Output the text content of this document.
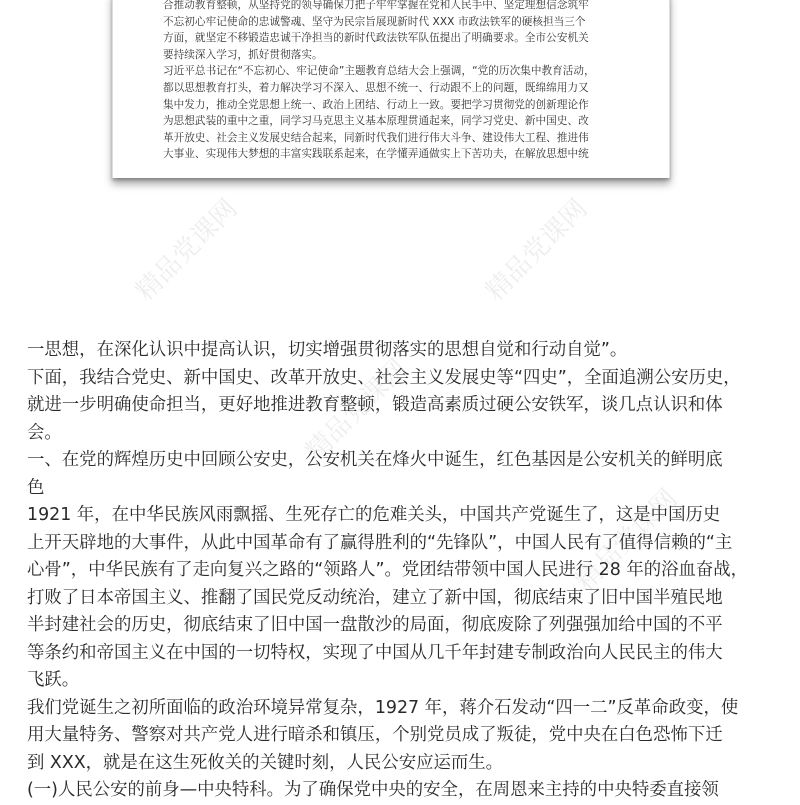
合推动教育整顿，从坚持党的领导确保刀把子牢牢掌握在党和人民手中、坚定理想信念筑牢
不忘初心牢记使命的忠诚警魂、坚守为民宗旨展现新时代 XXX 市政法铁军的硬核担当三个
方面，就坚定不移锻造忠诚干净担当的新时代政法铁军队伍提出了明确要求。全市公安机关
要持续深入学习，抓好贯彻落实。
习近平总书记在“不忘初心、牢记使命”主题教育总结大会上强调，“党的历次集中教育活动，
都以思想教育打头，着力解决学习不深入、思想不统一、行动跟不上的问题，既绵绵用力又
集中发力，推动全党思想上统一、政治上团结、行动上一致。要把学习贯彻党的创新理论作
为思想武装的重中之重，同学习马克思主义基本原理贯通起来，同学习党史、新中国史、改
革开放史、社会主义发展史结合起来，同新时代我们进行伟大斗争、建设伟大工程、推进伟
大事业、实现伟大梦想的丰富实践联系起来，在学懂弄通做实上下苦功夫，在解放思想中统
精品党课网	精品党课网
精品党课网
精品党课网
一思想，在深化认识中提高认识，切实增强贯彻落实的思想自觉和行动自觉”。
下面，我结合党史、新中国史、改革开放史、社会主义发展史等“四史”，全面追溯公安历史，
就进一步明确使命担当，更好地推进教育整顿，锻造高素质过硬公安铁军，谈几点认识和体
会。
一、在党的辉煌历史中回顾公安史，公安机关在烽火中诞生，红色基因是公安机关的鲜明底
色
1921 年，在中华民族风雨飘摇、生死存亡的危难关头，中国共产党诞生了，这是中国历史
上开天辟地的大事件，从此中国革命有了赢得胜利的“先锋队”，中国人民有了值得信赖的“主
心骨”，中华民族有了走向复兴之路的“领路人”。党团结带领中国人民进行 28 年的浴血奋战，
打败了日本帝国主义、推翻了国民党反动统治，建立了新中国，彻底结束了旧中国半殖民地
半封建社会的历史，彻底结束了旧中国一盘散沙的局面，彻底废除了列强强加给中国的不平
等条约和帝国主义在中国的一切特权，实现了中国从几千年封建专制政治向人民民主的伟大
飞跃。
我们党诞生之初所面临的政治环境异常复杂，1927 年，蒋介石发动“四一二”反革命政变，使
用大量特务、警察对共产党人进行暗杀和镇压，个别党员成了叛徒，党中央在白色恐怖下迁
到 XXX，就是在这生死攸关的关键时刻，人民公安应运而生。
(一)人民公安的前身—中央特科。为了确保党中央的安全，在周恩来主持的中央特委直接领
